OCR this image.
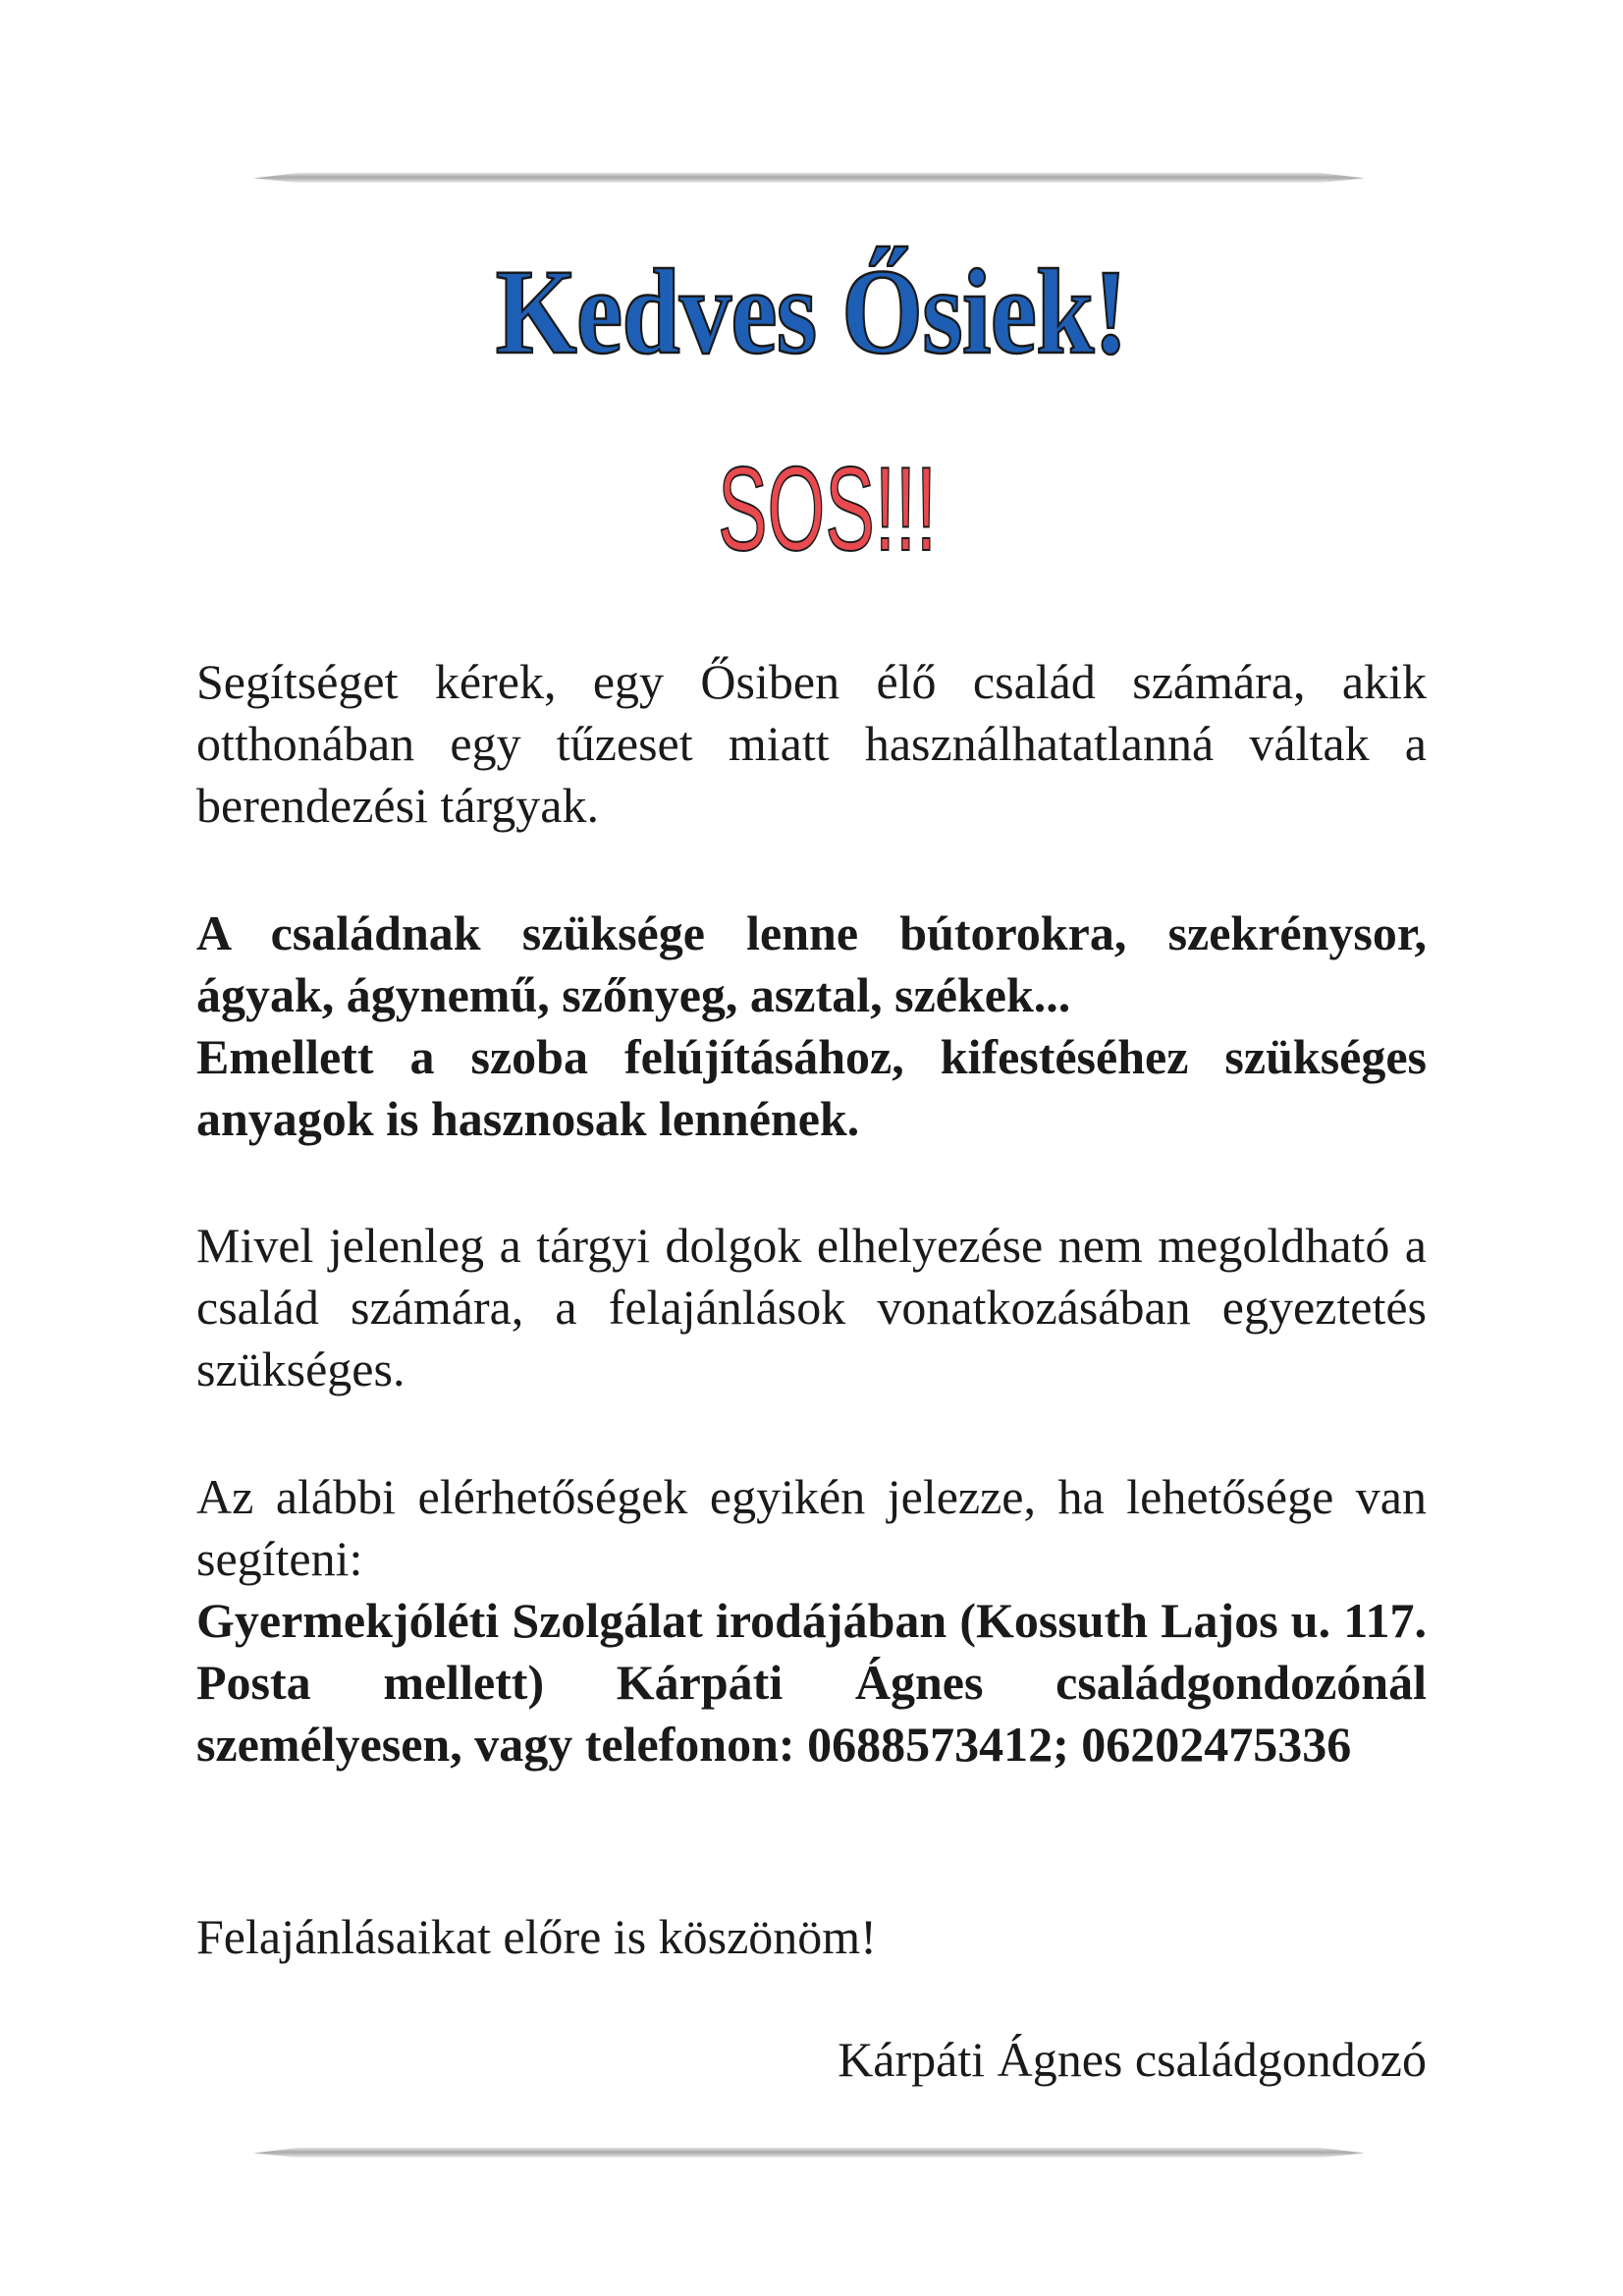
Kedves Ősiek!
SOS!!!

Segítséget kérek, egy Ősiben élő család számára, akik otthonában egy tűzeset miatt használhatatlanná váltak a berendezési tárgyak.

A családnak szüksége lenne bútorokra, szekrénysor, ágyak, ágynemű, szőnyeg, asztal, székek...
Emellett a szoba felújításához, kifestéséhez szükséges anyagok is hasznosak lennének.

Mivel jelenleg a tárgyi dolgok elhelyezése nem megoldható a család számára, a felajánlások vonatkozásában egyeztetés szükséges.

Az alábbi elérhetőségek egyikén jelezze, ha lehetősége van segíteni:
Gyermekjóléti Szolgálat irodájában (Kossuth Lajos u. 117. Posta mellett) Kárpáti Ágnes családgondozónál személyesen, vagy telefonon: 0688573412; 06202475336

Felajánlásaikat előre is köszönöm!

Kárpáti Ágnes családgondozó
